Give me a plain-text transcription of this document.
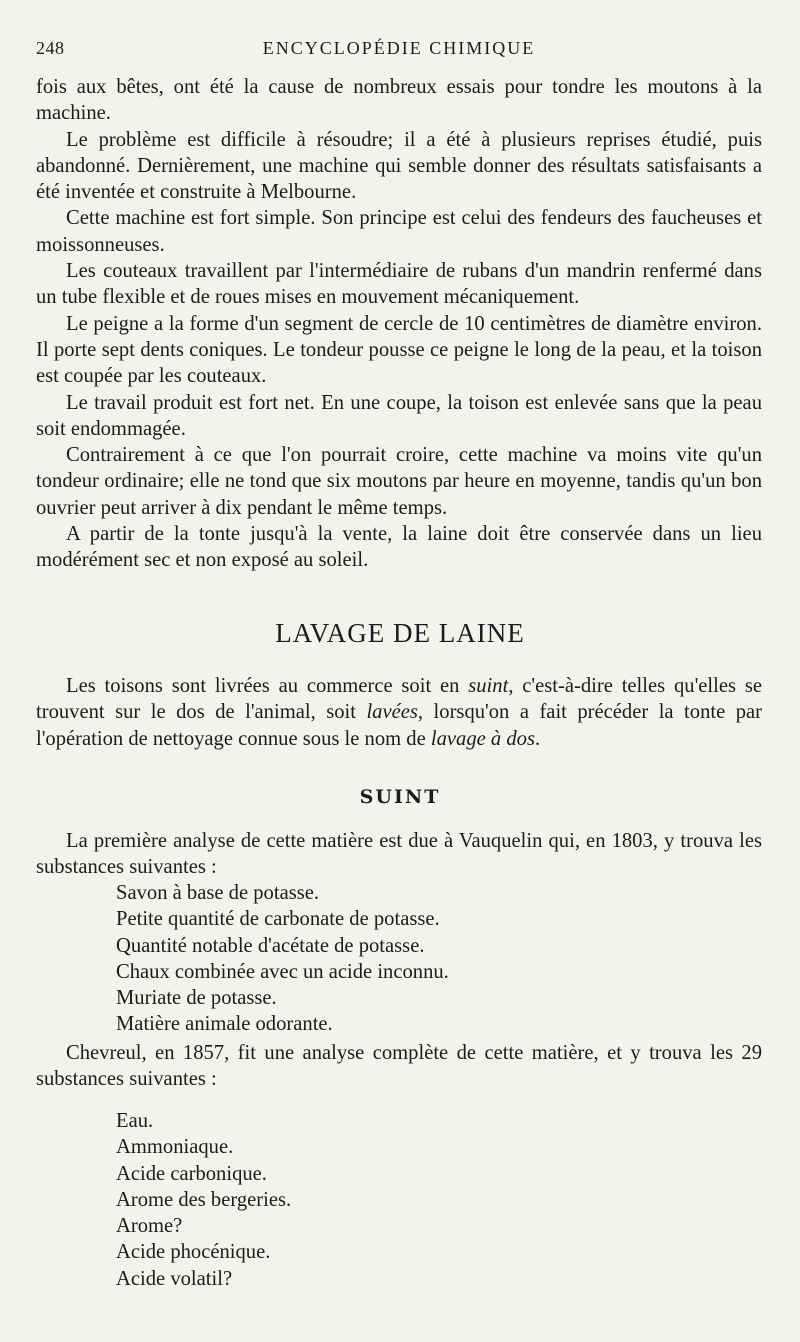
248	ENCYCLOPÉDIE CHIMIQUE

fois aux bêtes, ont été la cause de nombreux essais pour tondre les moutons à la machine.

Le problème est difficile à résoudre; il a été à plusieurs reprises étudié, puis abandonné. Dernièrement, une machine qui semble donner des résultats satisfaisants a été inventée et construite à Melbourne.

Cette machine est fort simple. Son principe est celui des fendeurs des faucheuses et moissonneuses.

Les couteaux travaillent par l'intermédiaire de rubans d'un mandrin renfermé dans un tube flexible et de roues mises en mouvement mécaniquement.

Le peigne a la forme d'un segment de cercle de 10 centimètres de diamètre environ. Il porte sept dents coniques. Le tondeur pousse ce peigne le long de la peau, et la toison est coupée par les couteaux.

Le travail produit est fort net. En une coupe, la toison est enlevée sans que la peau soit endommagée.

Contrairement à ce que l'on pourrait croire, cette machine va moins vite qu'un tondeur ordinaire; elle ne tond que six moutons par heure en moyenne, tandis qu'un bon ouvrier peut arriver à dix pendant le même temps.

A partir de la tonte jusqu'à la vente, la laine doit être conservée dans un lieu modérément sec et non exposé au soleil.

LAVAGE DE LAINE

Les toisons sont livrées au commerce soit en suint, c'est-à-dire telles qu'elles se trouvent sur le dos de l'animal, soit lavées, lorsqu'on a fait précéder la tonte par l'opération de nettoyage connue sous le nom de lavage à dos.

SUINT

La première analyse de cette matière est due à Vauquelin qui, en 1803, y trouva les substances suivantes :

Savon à base de potasse.
Petite quantité de carbonate de potasse.
Quantité notable d'acétate de potasse.
Chaux combinée avec un acide inconnu.
Muriate de potasse.
Matière animale odorante.

Chevreul, en 1857, fit une analyse complète de cette matière, et y trouva les 29 substances suivantes :

Eau.
Ammoniaque.
Acide carbonique.
Arome des bergeries.
Arome?
Acide phocénique.
Acide volatil?
